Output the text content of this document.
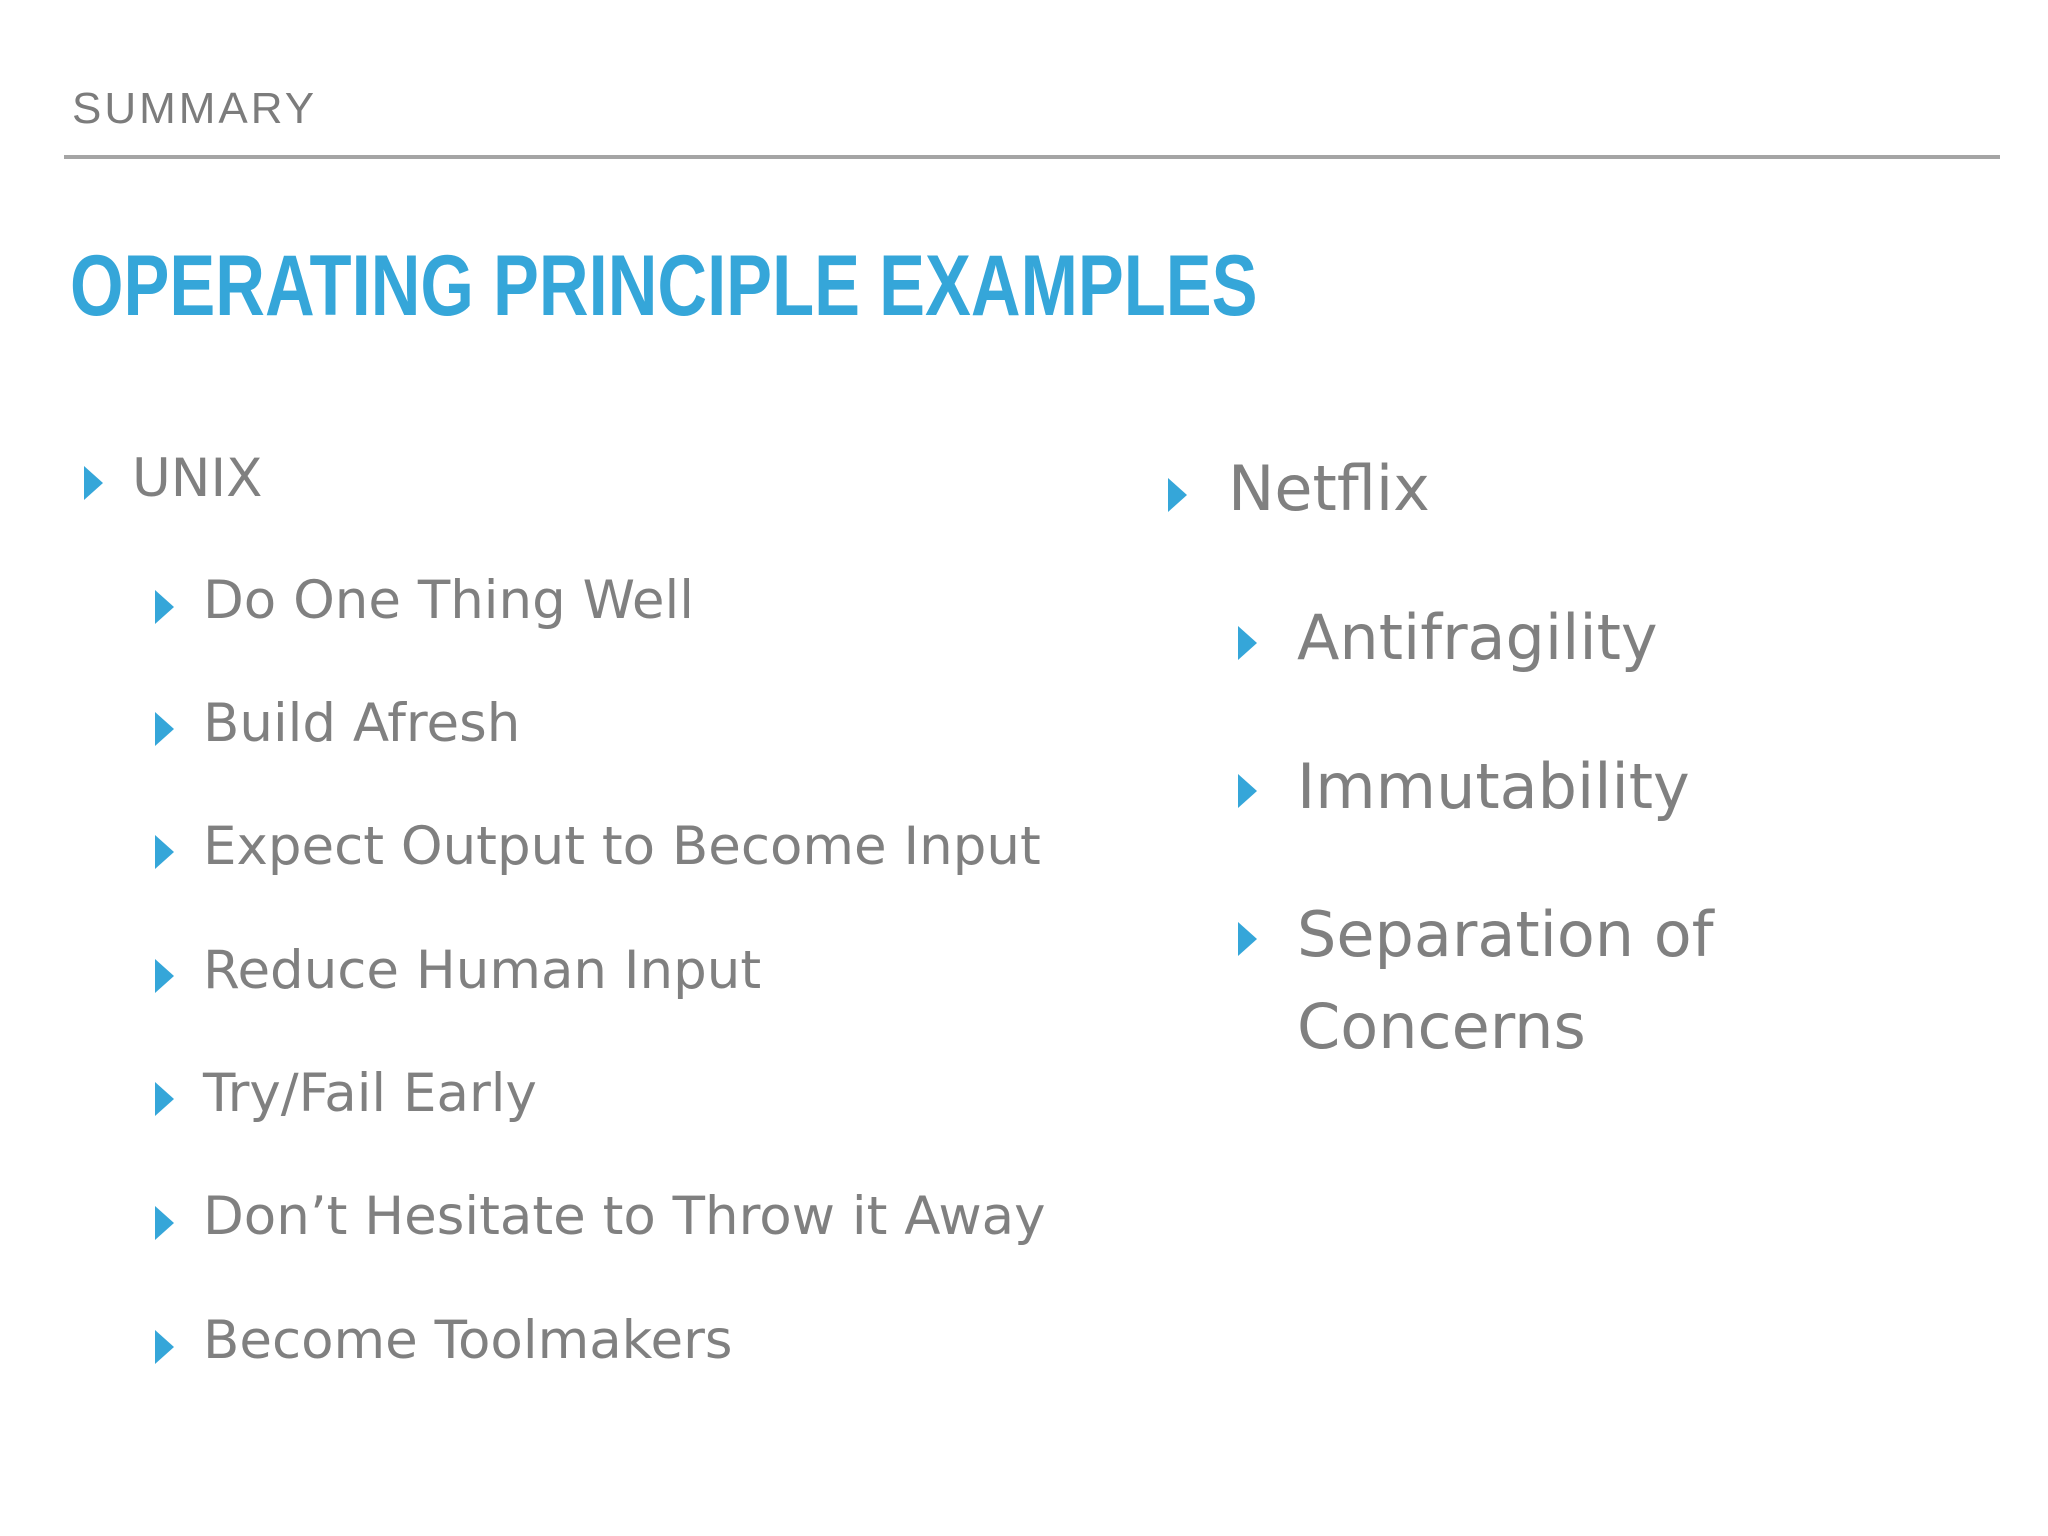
SUMMARY
OPERATING PRINCIPLE EXAMPLES
UNIX
Do One Thing Well
Build Afresh
Expect Output to Become Input
Reduce Human Input
Try/Fail Early
Don’t Hesitate to Throw it Away
Become Toolmakers
Netflix
Antifragility
Immutability
Separation of
Concerns
